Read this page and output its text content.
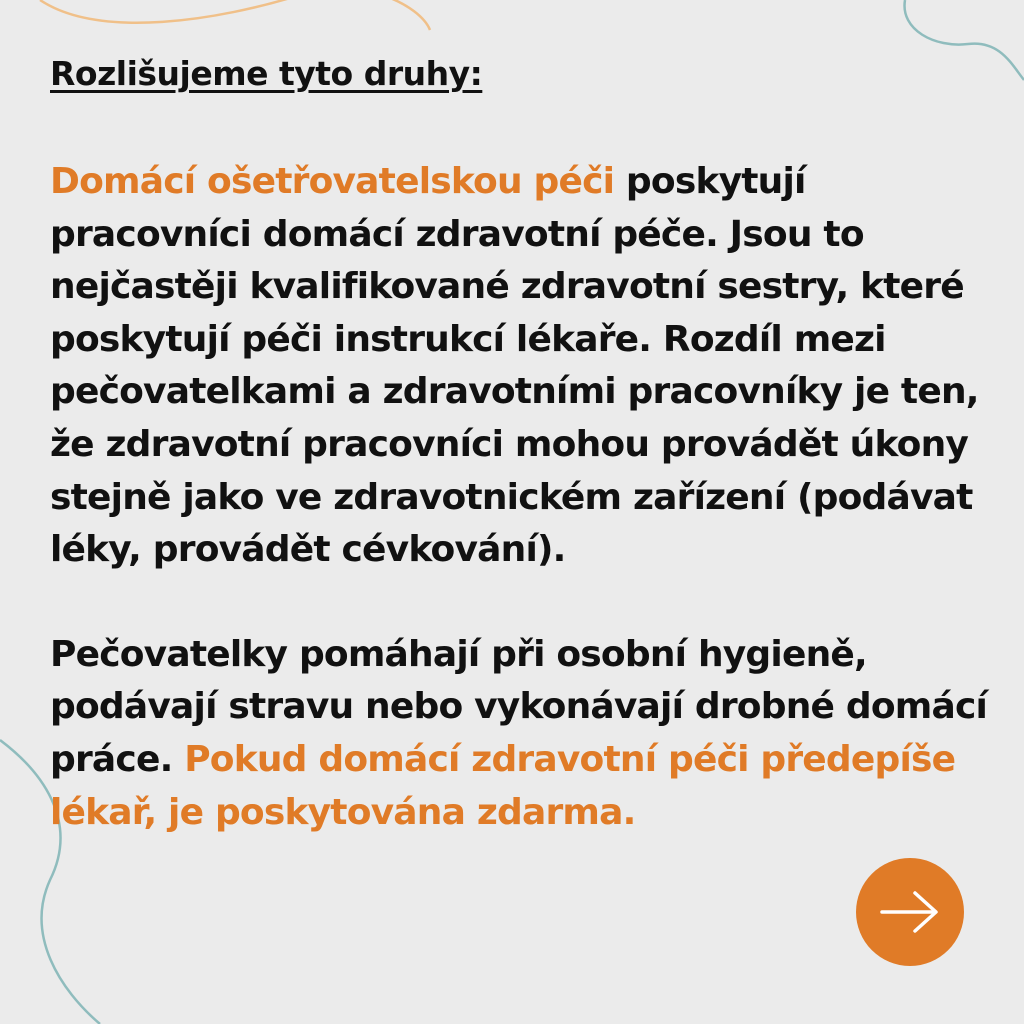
Rozlišujeme tyto druhy:

Domácí ošetřovatelskou péči poskytují pracovníci domácí zdravotní péče. Jsou to nejčastěji kvalifikované zdravotní sestry, které poskytují péči instrukcí lékaře. Rozdíl mezi pečovatelkami a zdravotními pracovníky je ten, že zdravotní pracovníci mohou provádět úkony stejně jako ve zdravotnickém zařízení (podávat léky, provádět cévkování).

Pečovatelky pomáhají při osobní hygieně, podávají stravu nebo vykonávají drobné domácí práce. Pokud domácí zdravotní péči předepíše lékař, je poskytována zdarma.
